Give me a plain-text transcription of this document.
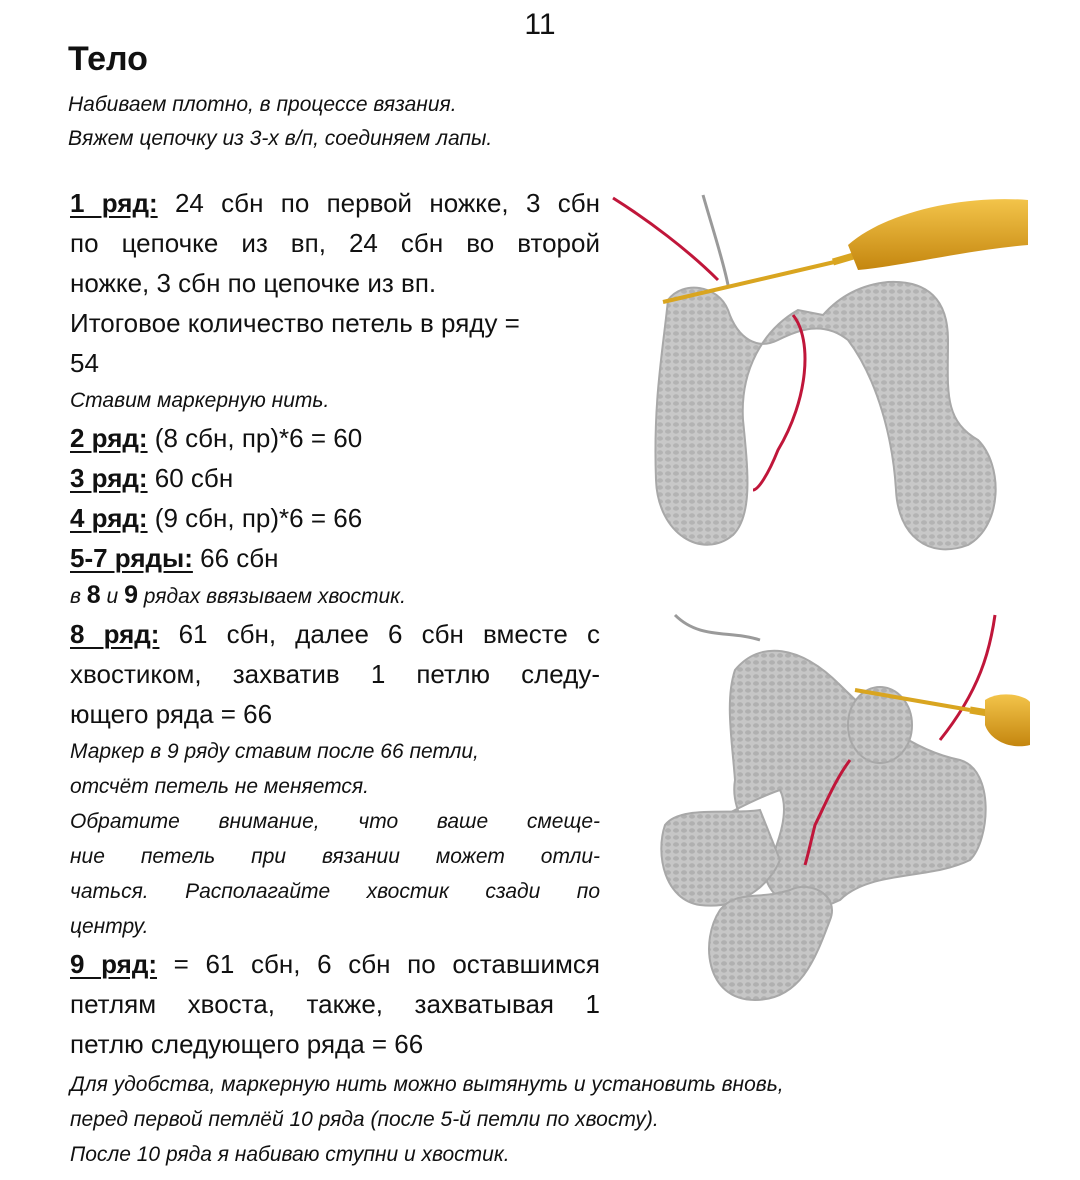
11
Тело
Набиваем плотно, в процессе вязания.
Вяжем цепочку из 3-х в/п, соединяем лапы.
1 ряд: 24 сбн по первой ножке, 3 сбн
по цепочке из вп, 24 сбн во второй
ножке, 3 сбн по цепочке из вп.
Итоговое количество петель в ряду =
54
Ставим маркерную нить.
2 ряд: (8 сбн, пр)*6 = 60
3 ряд: 60 сбн
4 ряд: (9 сбн, пр)*6 = 66
5-7 ряды: 66 сбн
в 8 и 9 рядах ввязываем хвостик.
8 ряд: 61 сбн, далее 6 сбн вместе с
хвостиком, захватив 1 петлю следу-
ющего ряда = 66
Маркер в 9 ряду ставим после 66 петли,
отсчёт петель не меняется.
Обратите внимание, что ваше смеще-
ние петель при вязании может отли-
чаться. Располагайте хвостик сзади по
центру.
9 ряд: = 61 сбн, 6 сбн по оставшимся
петлям хвоста, также, захватывая 1
петлю следующего ряда = 66
Для удобства, маркерную нить можно вытянуть и установить вновь,
перед первой петлёй 10 ряда (после 5-й петли по хвосту).
После 10 ряда я набиваю ступни и хвостик.
